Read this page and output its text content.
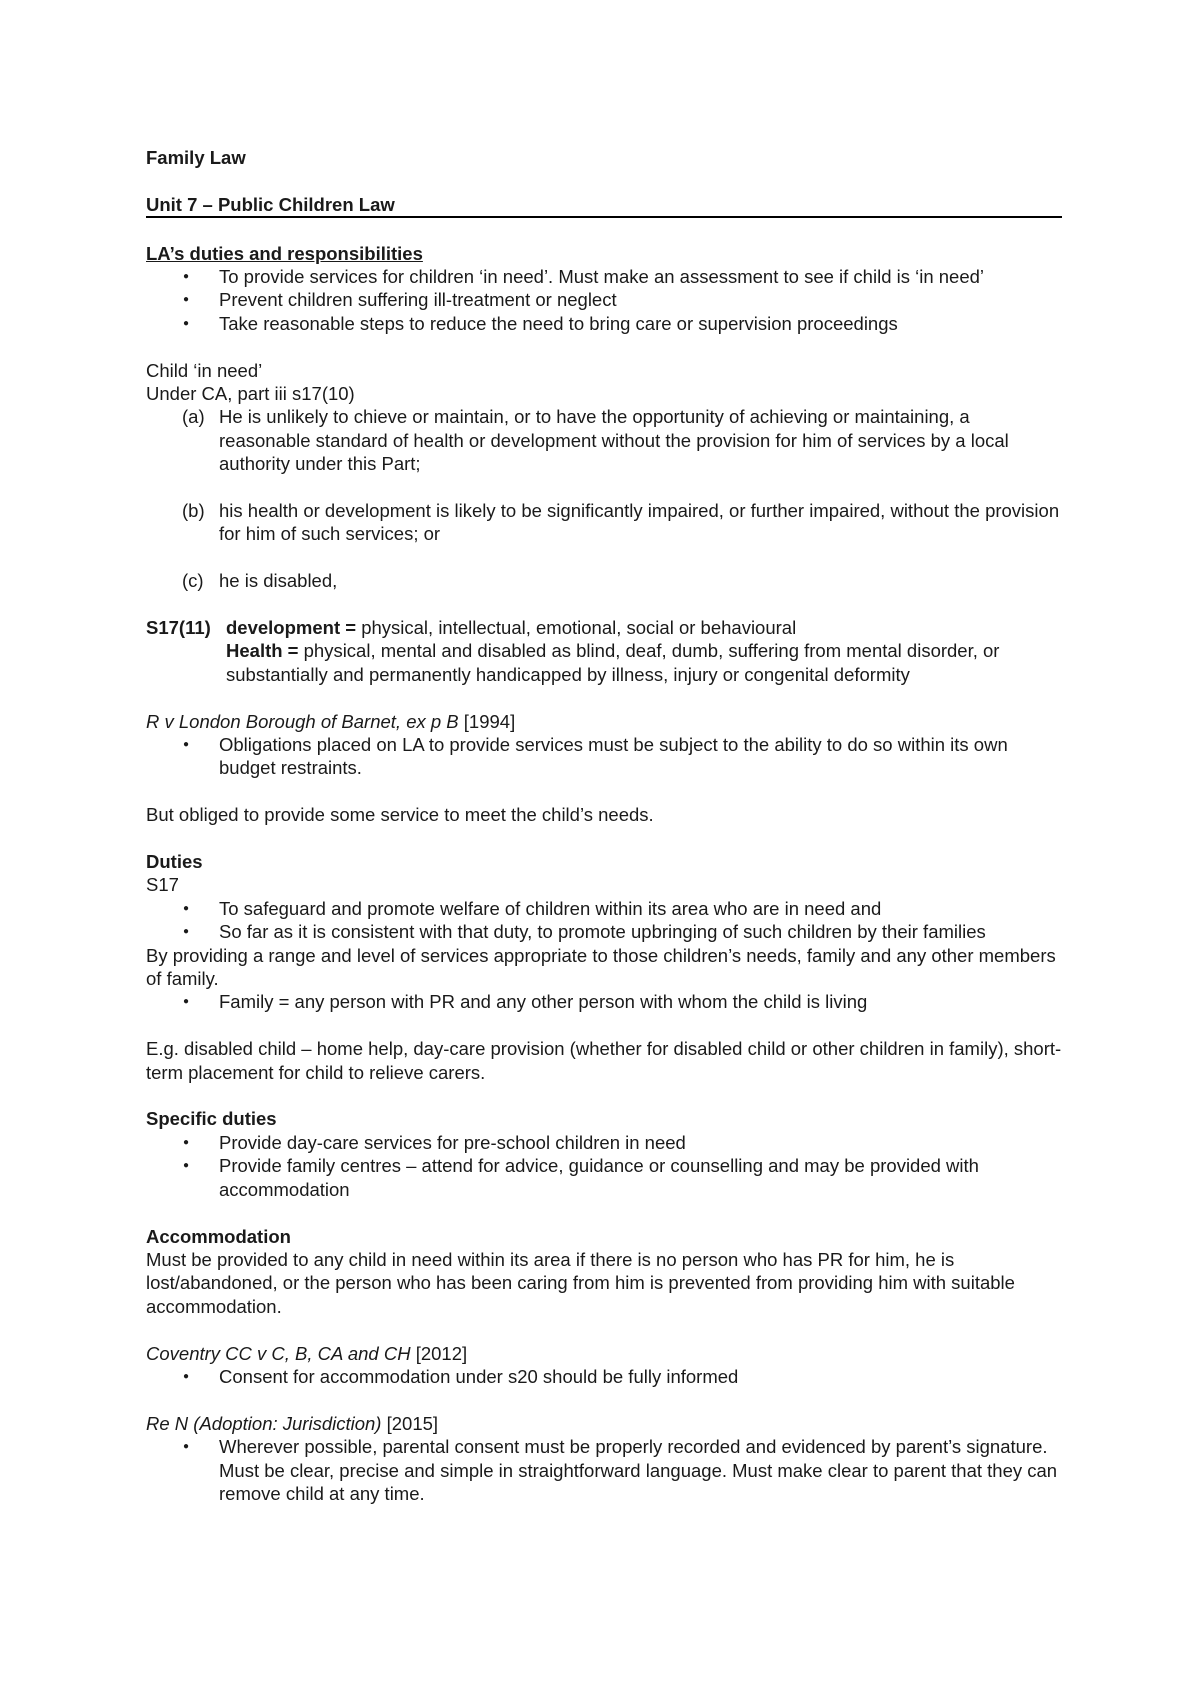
Family Law

Unit 7 – Public Children Law

LA’s duties and responsibilities

● To provide services for children ‘in need’. Must make an assessment to see if child is ‘in need’
● Prevent children suffering ill-treatment or neglect
● Take reasonable steps to reduce the need to bring care or supervision proceedings

Child ‘in need’

Under CA, part iii s17(10)

(a) He is unlikely to chieve or maintain, or to have the opportunity of achieving or maintaining, a reasonable standard of health or development without the provision for him of services by a local authority under this Part;
(b) his health or development is likely to be significantly impaired, or further impaired, without the provision for him of such services; or
(c) he is disabled,
S17(11) development = physical, intellectual, emotional, social or behavioural

Health = physical, mental and disabled as blind, deaf, dumb, suffering from mental disorder, or substantially and permanently handicapped by illness, injury or congenital deformity

R v London Borough of Barnet, ex p B [1994]

● Obligations placed on LA to provide services must be subject to the ability to do so within its own budget restraints.

But obliged to provide some service to meet the child’s needs.

Duties

S17

● To safeguard and promote welfare of children within its area who are in need and
● So far as it is consistent with that duty, to promote upbringing of such children by their families

By providing a range and level of services appropriate to those children’s needs, family and any other members of family.

● Family = any person with PR and any other person with whom the child is living

E.g. disabled child – home help, day-care provision (whether for disabled child or other children in family), short-term placement for child to relieve carers.

Specific duties

● Provide day-care services for pre-school children in need
● Provide family centres – attend for advice, guidance or counselling and may be provided with accommodation

Accommodation

Must be provided to any child in need within its area if there is no person who has PR for him, he is lost/abandoned, or the person who has been caring from him is prevented from providing him with suitable accommodation.

Coventry CC v C, B, CA and CH [2012]

● Consent for accommodation under s20 should be fully informed

Re N (Adoption: Jurisdiction) [2015]

● Wherever possible, parental consent must be properly recorded and evidenced by parent’s signature. Must be clear, precise and simple in straightforward language. Must make clear to parent that they can remove child at any time.
